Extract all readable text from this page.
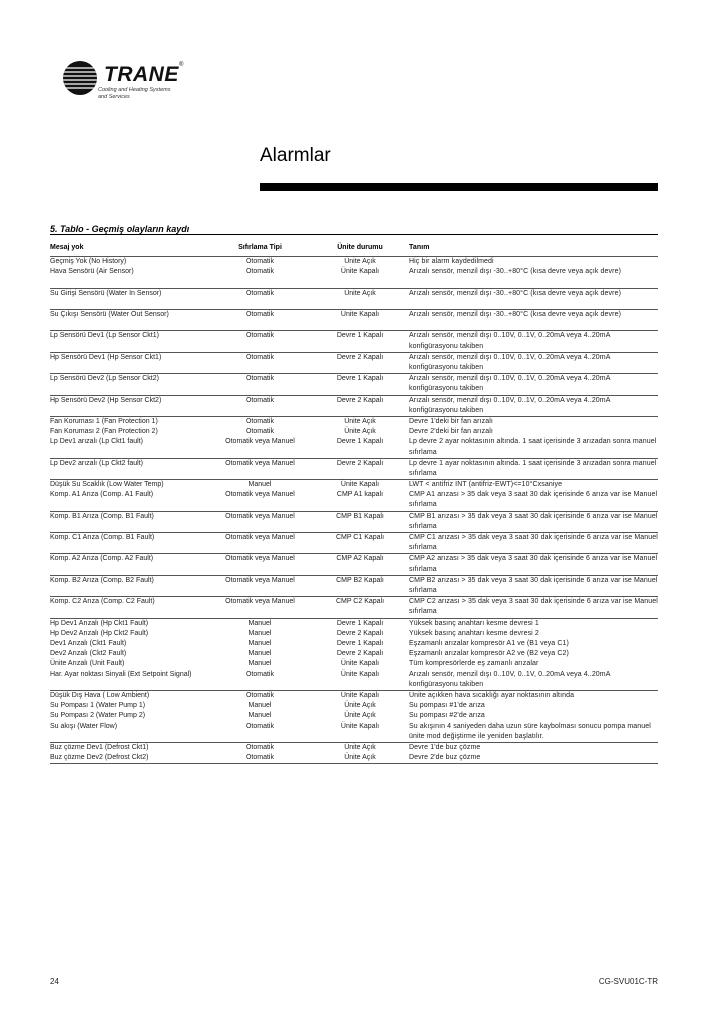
TRANE ®
Cooling and Heating Systems and Services
Alarmlar
5. Tablo - Geçmiş olayların kaydı
Mesaj yok	Sıfırlama Tipi	Ünite durumu	Tanım
Geçmiş Yok (No History)	Otomatik	Ünite Açık	Hiç bir alarm kaydedilmedi
Hava Sensörü (Air Sensor)	Otomatik	Ünite Kapalı	Arızalı sensör, menzil dışı -30..+80°C (kısa devre veya açık devre)
Su Girişi Sensörü (Water In Sensor)	Otomatik	Ünite Açık	Arızalı sensör, menzil dışı -30..+80°C (kısa devre veya açık devre)
Su Çıkışı Sensörü (Water Out Sensor)	Otomatik	Ünite Kapalı	Arızalı sensör, menzil dışı -30..+80°C (kısa devre veya açık devre)
Lp Sensörü Dev1 (Lp Sensor Ckt1)	Otomatik	Devre 1 Kapalı	Arızalı sensör, menzil dışı 0..10V, 0..1V, 0..20mA veya 4..20mA konfigürasyonu takiben
Hp Sensörü Dev1 (Hp Sensor Ckt1)	Otomatik	Devre 2 Kapalı	Arızalı sensör, menzil dışı 0..10V, 0..1V, 0..20mA veya 4..20mA konfigürasyonu takiben
Lp Sensörü Dev2 (Lp Sensor Ckt2)	Otomatik	Devre 1 Kapalı	Arızalı sensör, menzil dışı 0..10V, 0..1V, 0..20mA veya 4..20mA konfigürasyonu takiben
Hp Sensörü Dev2 (Hp Sensor Ckt2)	Otomatik	Devre 2 Kapalı	Arızalı sensör, menzil dışı 0..10V, 0..1V, 0..20mA veya 4..20mA konfigürasyonu takiben
Fan Koruması 1 (Fan Protection 1)	Otomatik	Ünite Açık	Devre 1'deki bir fan arızalı
Fan Koruması 2 (Fan Protection 2)	Otomatik	Ünite Açık	Devre 2'deki bir fan arızalı
Lp Dev1 arızalı (Lp Ckt1 fault)	Otomatik veya Manuel	Devre 1 Kapalı	Lp devre 2 ayar noktasının altında. 1 saat içerisinde 3 arızadan sonra manuel sıfırlama
Lp Dev2 arızalı (Lp Ckt2 fault)	Otomatik veya Manuel	Devre 2 Kapalı	Lp devre 1 ayar noktasının altında. 1 saat içerisinde 3 arızadan sonra manuel sıfırlama
Düşük Su Scaklık (Low Water Temp)	Manuel	Ünite Kapalı	LWT < antifriz INT (antifriz-EWT)<=10°Cxsaniye
Komp. A1 Arıza (Comp. A1 Fault)	Otomatik veya Manuel	CMP A1 kapalı	CMP A1 arızası > 35 dak veya 3 saat 30 dak içerisinde 6 arıza var ise Manuel sıfırlama
Komp. B1 Arıza (Comp. B1 Fault)	Otomatik veya Manuel	CMP B1 Kapalı	CMP B1 arızası > 35 dak veya 3 saat 30 dak içerisinde 6 arıza var ise Manuel sıfırlama
Komp. C1 Arıza (Comp. B1 Fault)	Otomatik veya Manuel	CMP C1 Kapalı	CMP C1 arızası > 35 dak veya 3 saat 30 dak içerisinde 6 arıza var ise Manuel sıfırlama
Komp. A2 Arıza (Comp. A2 Fault)	Otomatik veya Manuel	CMP A2 Kapalı	CMP A2 arızası > 35 dak veya 3 saat 30 dak içerisinde 6 arıza var ise Manuel sıfırlama
Komp. B2 Arıza (Comp. B2 Fault)	Otomatik veya Manuel	CMP B2 Kapalı	CMP B2 arızası > 35 dak veya 3 saat 30 dak içerisinde 6 arıza var ise Manuel sıfırlama
Komp. C2 Arıza (Comp. C2 Fault)	Otomatik veya Manuel	CMP C2 Kapalı	CMP C2 arızası > 35 dak veya 3 saat 30 dak içerisinde 6 arıza var ise Manuel sıfırlama
Hp Dev1 Arızalı (Hp Ckt1 Fault)	Manuel	Devre 1 Kapalı	Yüksek basınç anahtarı kesme devresi 1
Hp Dev2 Arızalı (Hp Ckt2 Fault)	Manuel	Devre 2 Kapalı	Yüksek basınç anahtarı kesme devresi 2
Dev1 Arızalı (Ckt1 Fault)	Manuel	Devre 1 Kapalı	Eşzamanlı arızalar kompresör A1 ve (B1 veya C1)
Dev2 Arızalı (Ckt2 Fault)	Manuel	Devre 2 Kapalı	Eşzamanlı arızalar kompresör A2 ve (B2 veya C2)
Ünite Arızalı (Unit Fault)	Manuel	Ünite Kapalı	Tüm kompresörlerde eş zamanlı arızalar
Har. Ayar noktası Sinyali (Ext Setpoint Signal)	Otomatik	Ünite Kapalı	Arızalı sensör, menzil dışı 0..10V, 0..1V, 0..20mA veya 4..20mA konfigürasyonu takiben
Düşük Dış Hava ( Low Ambient)	Otomatik	Ünite Kapalı	Ünite açıkken hava sıcaklığı ayar noktasının altında
Su Pompası 1 (Water Pump 1)	Manuel	Ünite Açık	Su pompası #1'de arıza
Su Pompası 2 (Water Pump 2)	Manuel	Ünite Açık	Su pompası #2'de arıza
Su akışı (Water Flow)	Otomatik	Ünite Kapalı	Su akışının 4 saniyeden daha uzun süre kaybolması sonucu pompa manuel ünite mod değiştirme ile yeniden başlatılır.
Buz çözme Dev1 (Defrost Ckt1)	Otomatik	Ünite Açık	Devre 1'de buz çözme
Buz çözme Dev2 (Defrost Ckt2)	Otomatik	Ünite Açık	Devre 2'de buz çözme
24	CG-SVU01C-TR
